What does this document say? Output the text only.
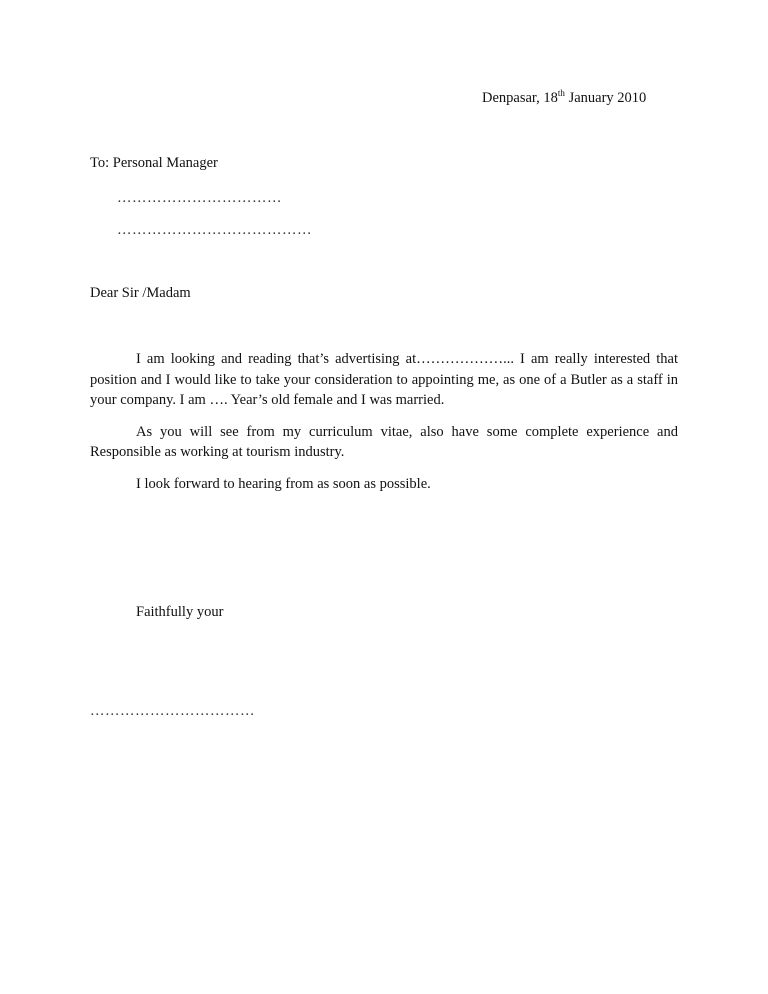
Denpasar, 18th January 2010
To: Personal Manager
……………………………
…………………………………
Dear Sir /Madam

I am looking and reading that’s advertising at………………... I am really interested that position and I would like to take your consideration to appointing me, as one of a Butler as a staff in your company. I am …. Year’s old female and I was married.

As you will see from my curriculum vitae, also have some complete experience and Responsible as working at tourism industry.

I look forward to hearing from as soon as possible.

Faithfully your
……………………………
